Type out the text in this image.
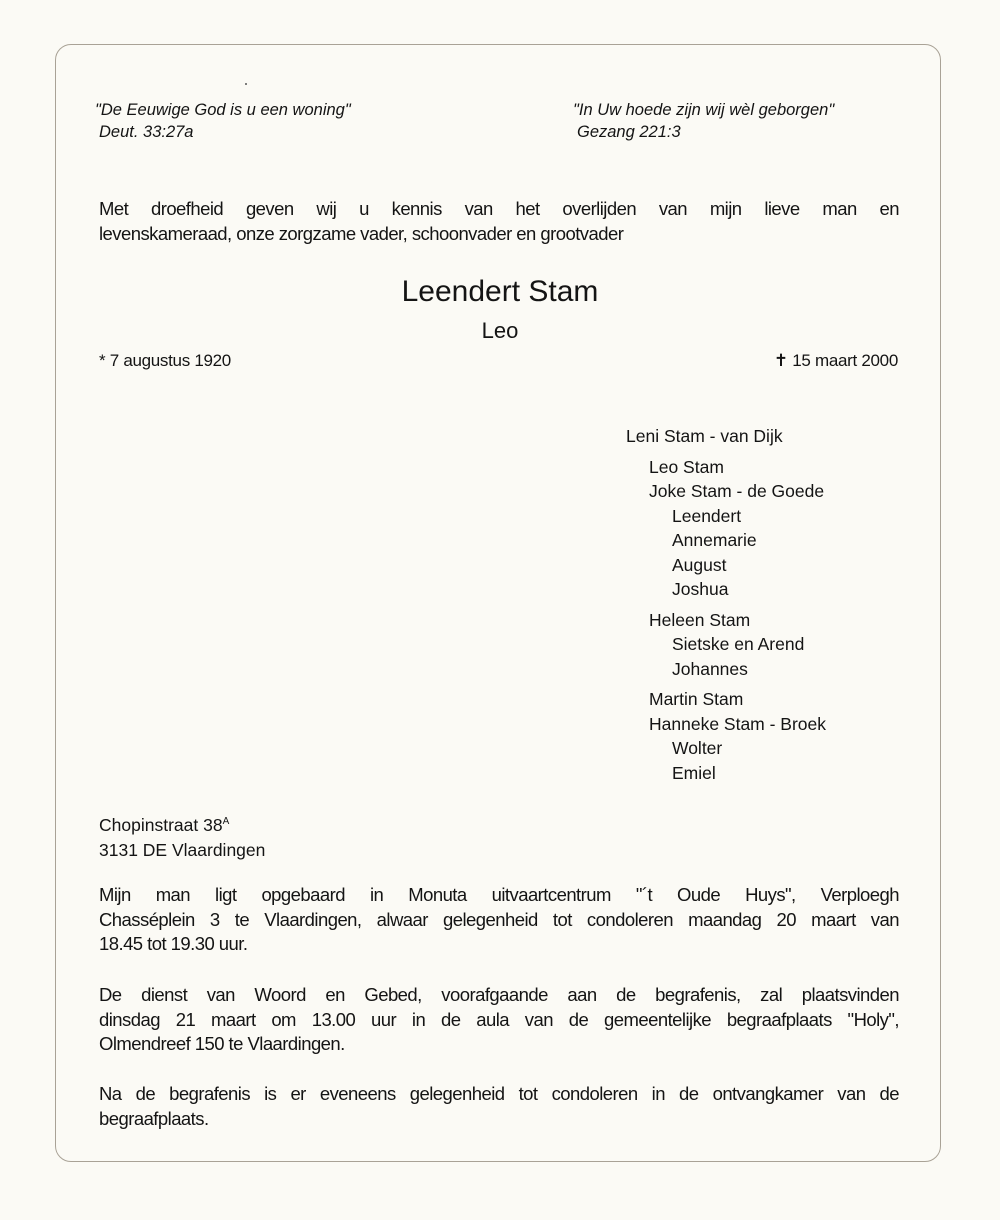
"De Eeuwige God is u een woning"
Deut. 33:27a
"In Uw hoede zijn wij wèl geborgen"
Gezang 221:3
Met droefheid geven wij u kennis van het overlijden van mijn lieve man en
levenskameraad, onze zorgzame vader, schoonvader en grootvader
Leendert Stam
Leo
* 7 augustus 1920	✝ 15 maart 2000
Leni Stam - van Dijk
Leo Stam
Joke Stam - de Goede
Leendert
Annemarie
August
Joshua
Heleen Stam
Sietske en Arend
Johannes
Martin Stam
Hanneke Stam - Broek
Wolter
Emiel
Chopinstraat $38^A$
3131 DE Vlaardingen
Mijn man ligt opgebaard in Monuta uitvaartcentrum "´t Oude Huys", Verploegh
Chasséplein 3 te Vlaardingen, alwaar gelegenheid tot condoleren maandag 20 maart van
18.45 tot 19.30 uur.
De dienst van Woord en Gebed, voorafgaande aan de begrafenis, zal plaatsvinden
dinsdag 21 maart om 13.00 uur in de aula van de gemeentelijke begraafplaats "Holy",
Olmendreef 150 te Vlaardingen.
Na de begrafenis is er eveneens gelegenheid tot condoleren in de ontvangkamer van de
begraafplaats.
